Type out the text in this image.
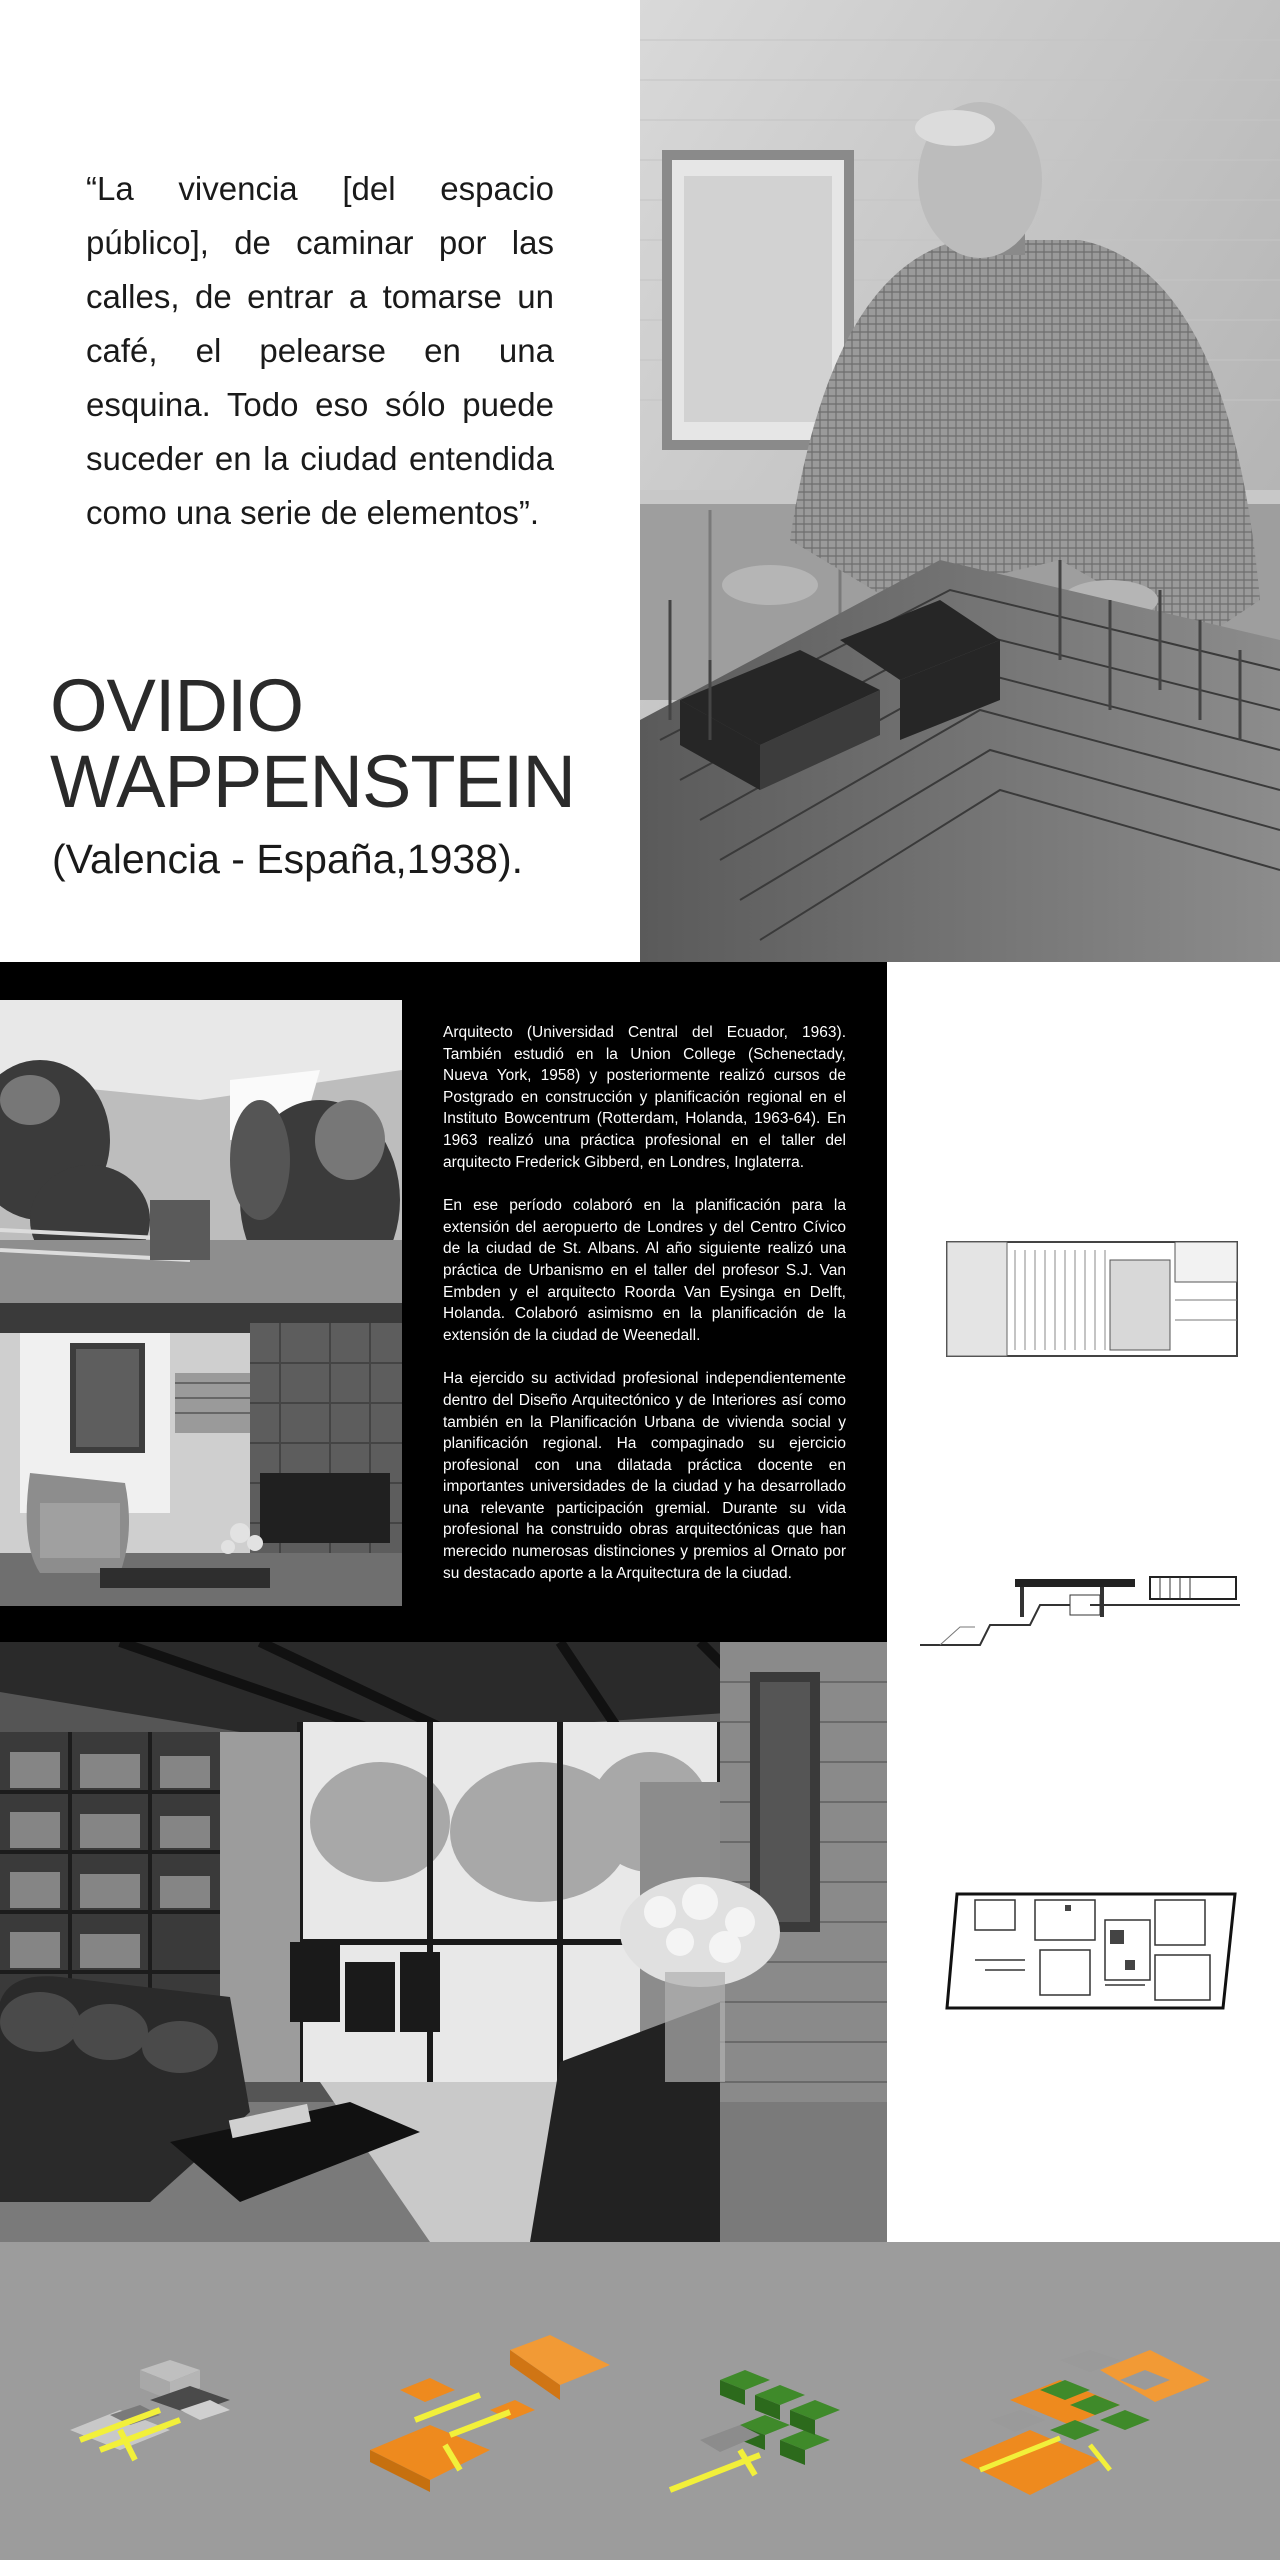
“La vivencia [del espacio público], de caminar por las calles, de entrar a tomarse un café, el pelearse en una esquina. Todo eso sólo puede suceder en la ciudad entendida como una serie de elementos”.
OVIDIO
WAPPENSTEIN
(Valencia - España,1938).

Arquitecto (Universidad Central del Ecuador, 1963). También estudió en la Union College (Schenectady, Nueva York, 1958) y posteriormente realizó cursos de Postgrado en construcción y planificación regional en el Instituto Bowcentrum (Rotterdam, Holanda, 1963-64). En 1963 realizó una práctica profesional en el taller del arquitecto Frederick Gibberd, en Londres, Inglaterra.

En ese período colaboró en la planificación para la extensión del aeropuerto de Londres y del Centro Cívico de la ciudad de St. Albans. Al año siguiente realizó una práctica de Urbanismo en el taller del profesor S.J. Van Embden y el arquitecto Roorda Van Eysinga en Delft, Holanda. Colaboró asimismo en la planificación de la extensión de la ciudad de Weenedall.

Ha ejercido su actividad profesional independientemente dentro del Diseño Arquitectónico y de Interiores así como también en la Planificación Urbana de vivienda social y planificación regional. Ha compaginado su ejercicio profesional con una dilatada práctica docente en importantes universidades de la ciudad y ha desarrollado una relevante participación gremial. Durante su vida profesional ha construido obras arquitectónicas que han merecido numerosas distinciones y premios al Ornato por su destacado aporte a la Arquitectura de la ciudad.
